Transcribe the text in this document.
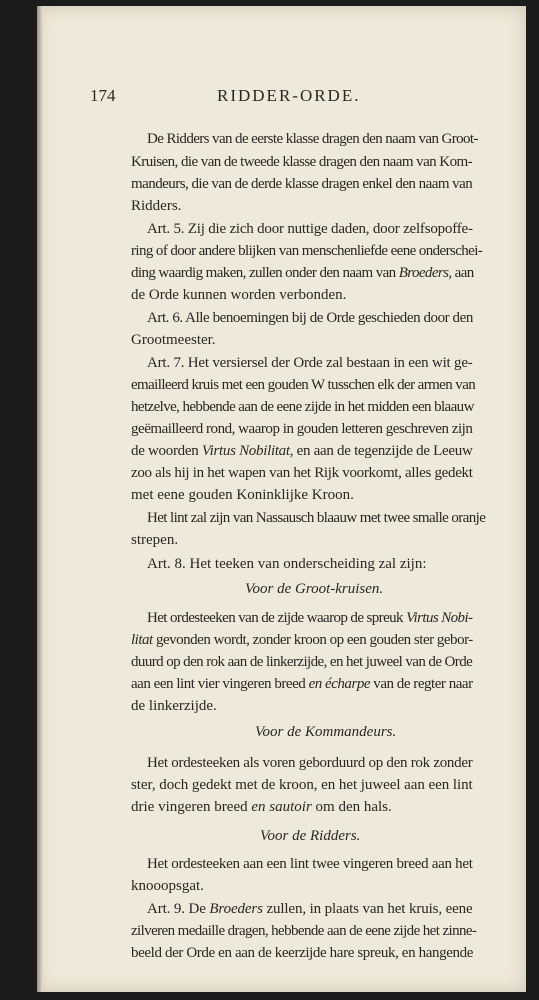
174	RIDDER-ORDE.
De Ridders van de eerste klasse dragen den naam van Groot-
Kruisen, die van de tweede klasse dragen den naam van Kom-
mandeurs, die van de derde klasse dragen enkel den naam van
Ridders.
Art. 5. Zij die zich door nuttige daden, door zelfsopoffe-
ring of door andere blijken van menschenliefde eene onderschei-
ding waardig maken, zullen onder den naam van Broeders, aan
de Orde kunnen worden verbonden.
Art. 6. Alle benoemingen bij de Orde geschieden door den
Grootmeester.
Art. 7. Het versiersel der Orde zal bestaan in een wit ge-
emailleerd kruis met een gouden W tusschen elk der armen van
hetzelve, hebbende aan de eene zijde in het midden een blaauw
geëmailleerd rond, waarop in gouden letteren geschreven zijn
de woorden Virtus Nobilitat, en aan de tegenzijde de Leeuw
zoo als hij in het wapen van het Rijk voorkomt, alles gedekt
met eene gouden Koninklijke Kroon.
Het lint zal zijn van Nassausch blaauw met twee smalle oranje
strepen.
Art. 8. Het teeken van onderscheiding zal zijn:
Voor de Groot-kruisen.
Het ordesteeken van de zijde waarop de spreuk Virtus Nobi-
litat gevonden wordt, zonder kroon op een gouden ster gebor-
duurd op den rok aan de linkerzijde, en het juweel van de Orde
aan een lint vier vingeren breed en écharpe van de regter naar
de linkerzijde.
Voor de Kommandeurs.
Het ordesteeken als voren geborduurd op den rok zonder
ster, doch gedekt met de kroon, en het juweel aan een lint
drie vingeren breed en sautoir om den hals.
Voor de Ridders.
Het ordesteeken aan een lint twee vingeren breed aan het
knooopsgat.
Art. 9. De Broeders zullen, in plaats van het kruis, eene
zilveren medaille dragen, hebbende aan de eene zijde het zinne-
beeld der Orde en aan de keerzijde hare spreuk, en hangende
